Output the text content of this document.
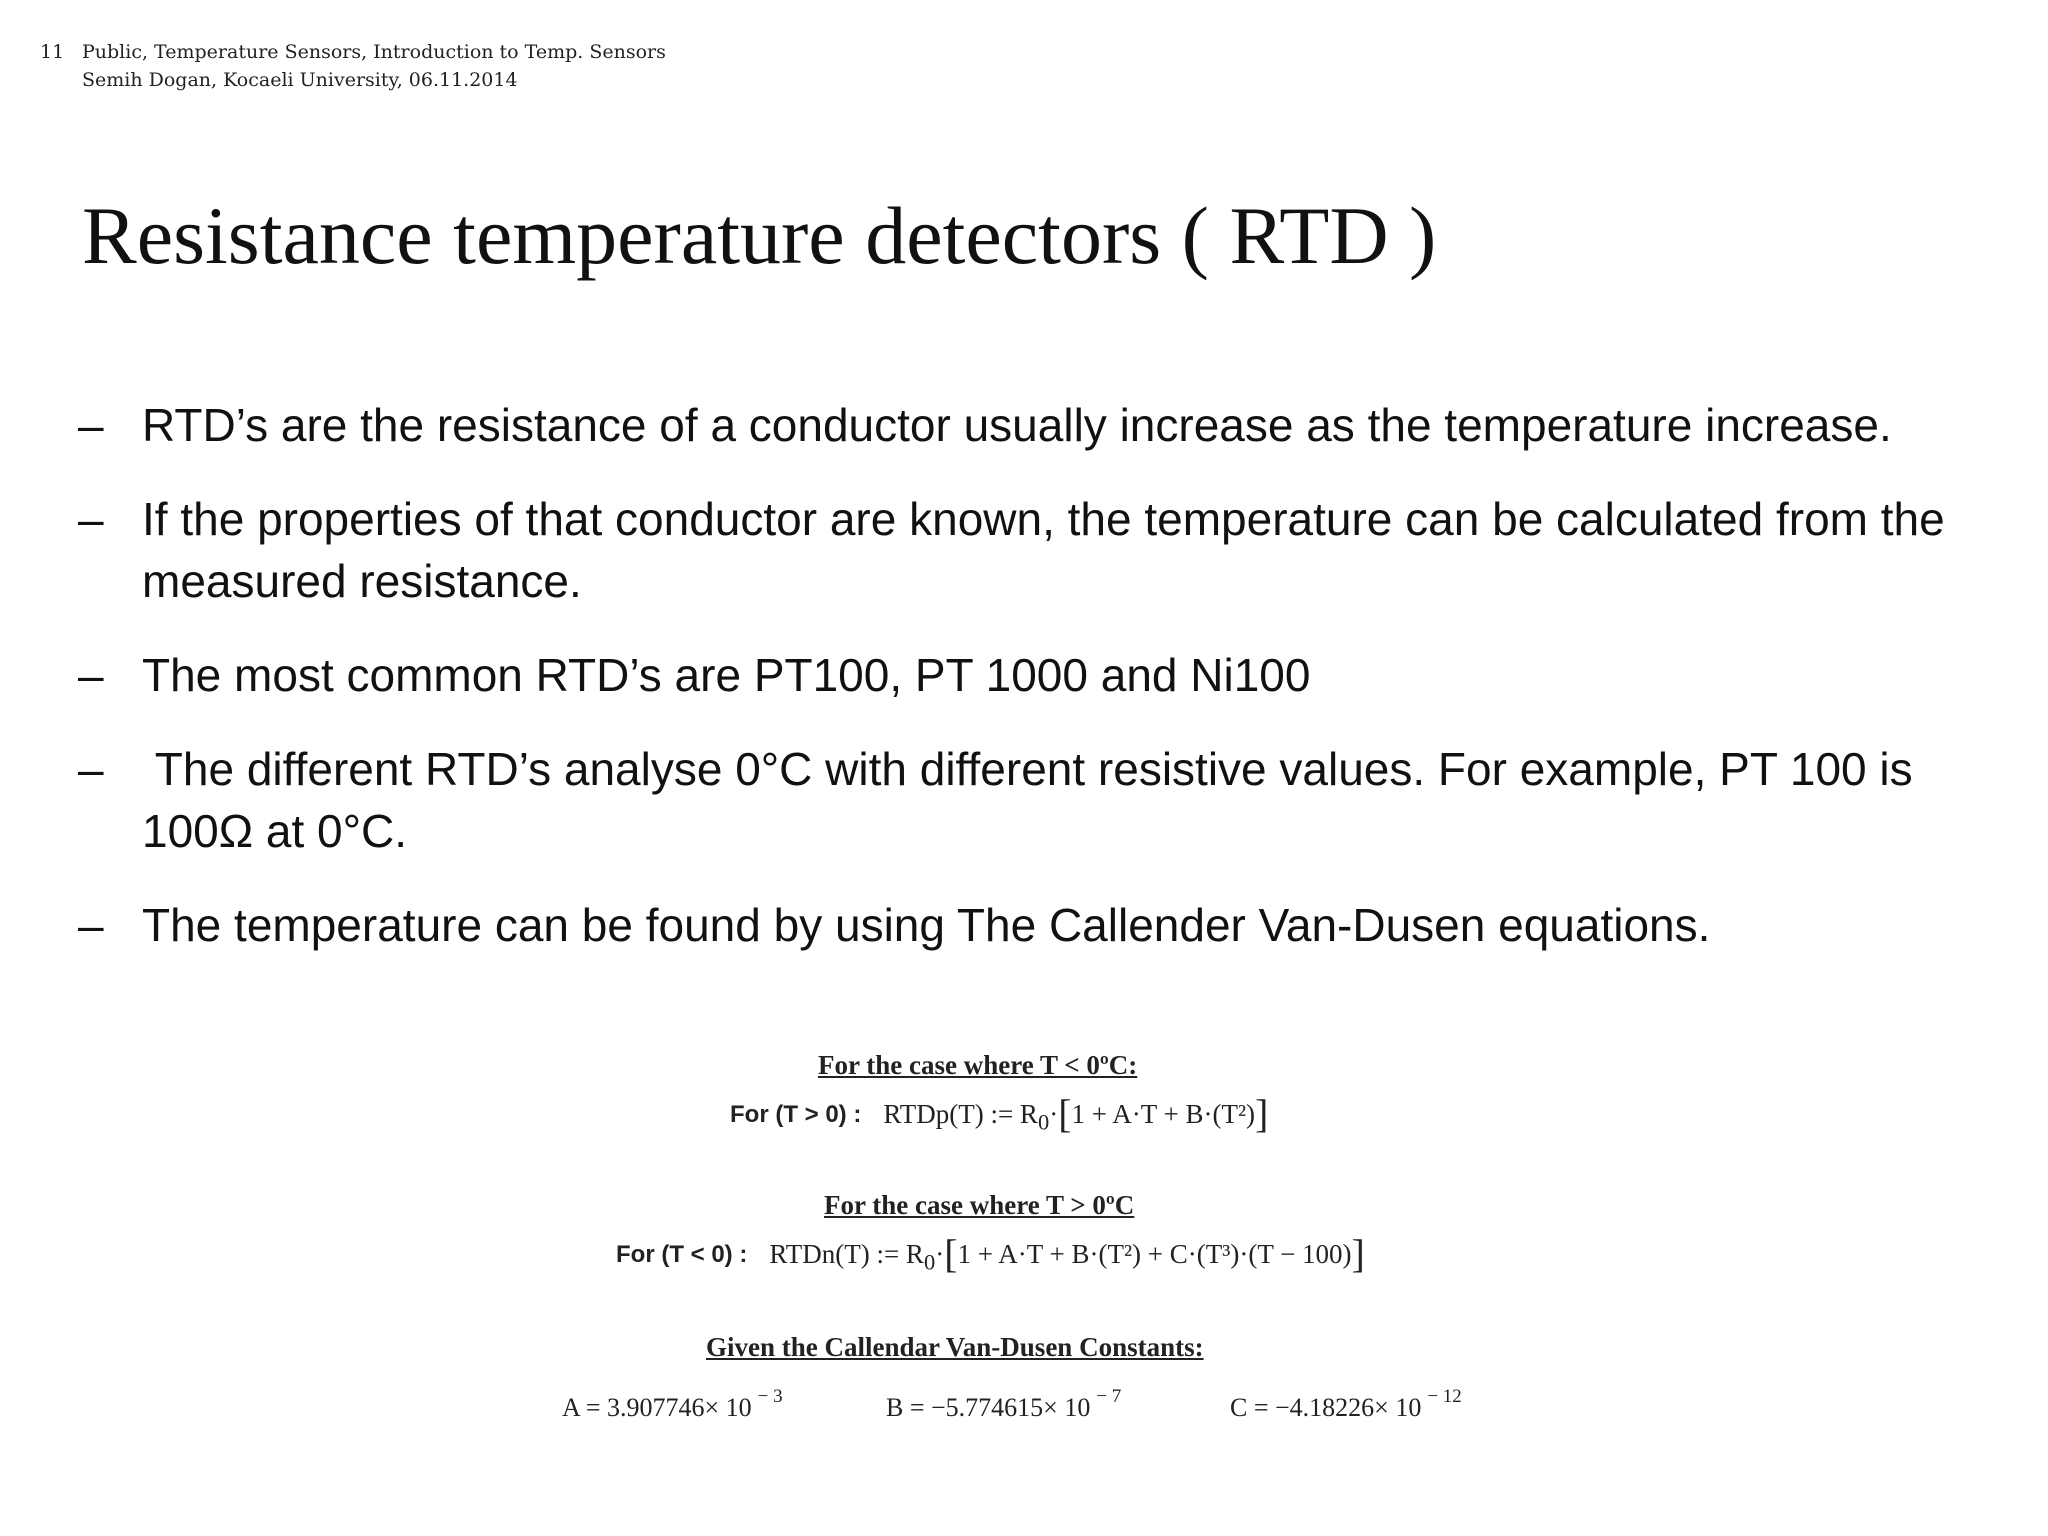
11 Public, Temperature Sensors, Introduction to Temp. Sensors
Semih Dogan, Kocaeli University, 06.11.2014
Resistance temperature detectors ( RTD )
– RTD’s are the resistance of a conductor usually increase as the temperature increase.
– If the properties of that conductor are known, the temperature can be calculated from the measured resistance.
– The most common RTD’s are PT100, PT 1000 and Ni100
– The different RTD’s analyse 0°C with different resistive values. For example, PT 100 is 100Ω at 0°C.
– The temperature can be found by using The Callender Van-Dusen equations.
For the case where T < 0ºC:
For (T > 0) : RTDp(T) := $R_0\cdot[1 + A\cdot T + B\cdot(T^2)]$
For the case where T > 0ºC
For (T < 0) : RTDn(T) := $R_0\cdot[1 + A\cdot T + B\cdot(T^2) + C\cdot(T^3)\cdot(T - 100)]$
Given the Callendar Van-Dusen Constants:
A = 3.907746× 10 $^{- 3}$	B = −5.774615× 10 $^{- 7}$	C = −4.18226× 10 $^{- 12}$
